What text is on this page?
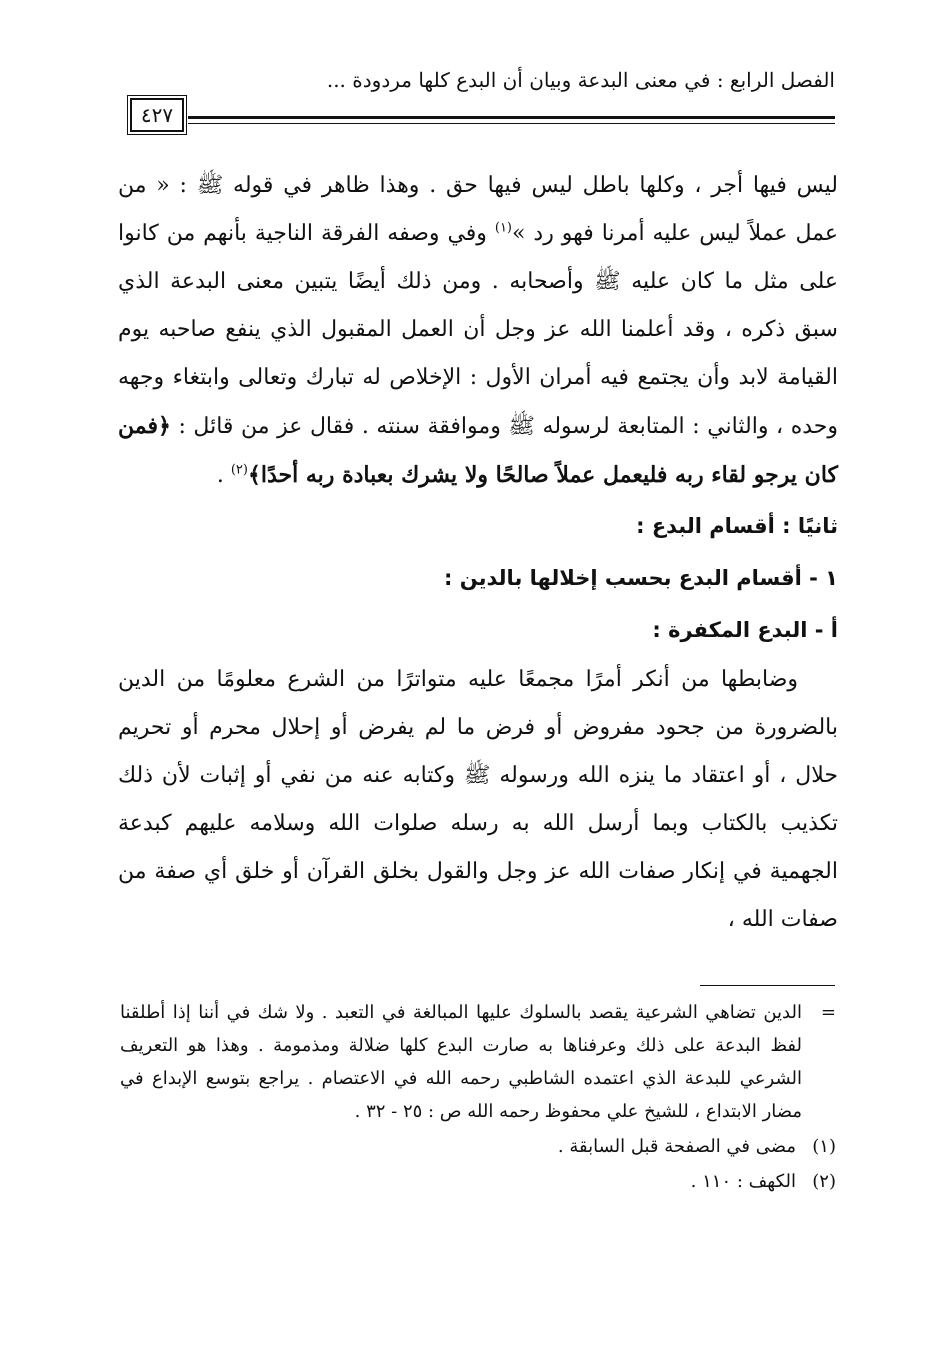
الفصل الرابع : في معنى البدعة وبيان أن البدع كلها مردودة ...
٤٢٧

ليس فيها أجر ، وكلها باطل ليس فيها حق . وهذا ظاهر في قوله ﷺ : « من عمل عملاً ليس عليه أمرنا فهو رد »$^{(١)}$ وفي وصفه الفرقة الناجية بأنهم من كانوا على مثل ما كان عليه ﷺ وأصحابه . ومن ذلك أيضًا يتبين معنى البدعة الذي سبق ذكره ، وقد أعلمنا الله عز وجل أن العمل المقبول الذي ينفع صاحبه يوم القيامة لابد وأن يجتمع فيه أمران الأول : الإخلاص له تبارك وتعالى وابتغاء وجهه وحده ، والثاني : المتابعة لرسوله ﷺ وموافقة سنته . فقال عز من قائل : ﴿فمن كان يرجو لقاء ربه فليعمل عملاً صالحًا ولا يشرك بعبادة ربه أحدًا﴾$^{(٢)}$ .

ثانيًا : أقسام البدع :

١ - أقسام البدع بحسب إخلالها بالدين :

أ - البدع المكفرة :

وضابطها من أنكر أمرًا مجمعًا عليه متواترًا من الشرع معلومًا من الدين بالضرورة من جحود مفروض أو فرض ما لم يفرض أو إحلال محرم أو تحريم حلال ، أو اعتقاد ما ينزه الله ورسوله ﷺ وكتابه عنه من نفي أو إثبات لأن ذلك تكذيب بالكتاب وبما أرسل الله به رسله صلوات الله وسلامه عليهم كبدعة الجهمية في إنكار صفات الله عز وجل والقول بخلق القرآن أو خلق أي صفة من صفات الله ،

=
الدين تضاهي الشرعية يقصد بالسلوك عليها المبالغة في التعبد . ولا شك في أننا إذا أطلقنا لفظ البدعة على ذلك وعرفناها به صارت البدع كلها ضلالة ومذمومة . وهذا هو التعريف الشرعي للبدعة الذي اعتمده الشاطبي رحمه الله في الاعتصام . يراجع بتوسع الإبداع في مضار الابتداع ، للشيخ علي محفوظ رحمه الله ص : ٢٥ - ٣٢ .

(١)مضى في الصفحة قبل السابقة .

(٢)الكهف : ١١٠ .
